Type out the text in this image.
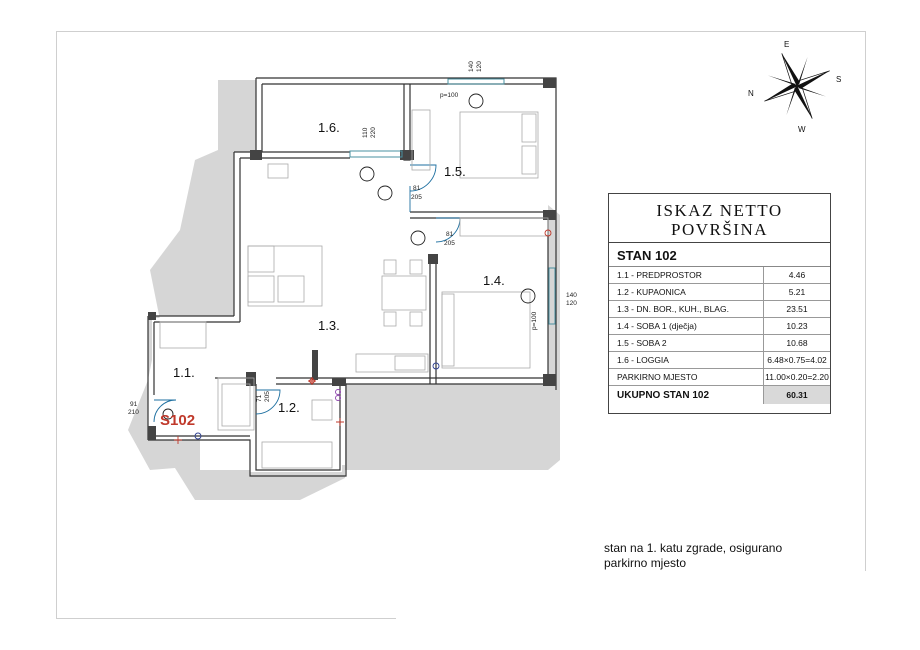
1.6.
1.5.
1.4.
1.3.
1.1.
1.2.
S102
140 120
p=100
110 220
81
205
81
205
140
120
p=100
71 205
91
210
E
S
W
N
ISKAZ NETTO
POVRŠINA
STAN 102
1.1 - PREDPROSTOR	4.46
1.2 - KUPAONICA	5.21
1.3 - DN. BOR., KUH., BLAG.	23.51
1.4 - SOBA 1 (dječja)	10.23
1.5 - SOBA 2	10.68
1.6 - LOGGIA	6.48×0.75=4.02
PARKIRNO MJESTO	11.00×0.20=2.20
UKUPNO STAN 102	60.31
stan na 1. katu zgrade, osigurano
parkirno mjesto
